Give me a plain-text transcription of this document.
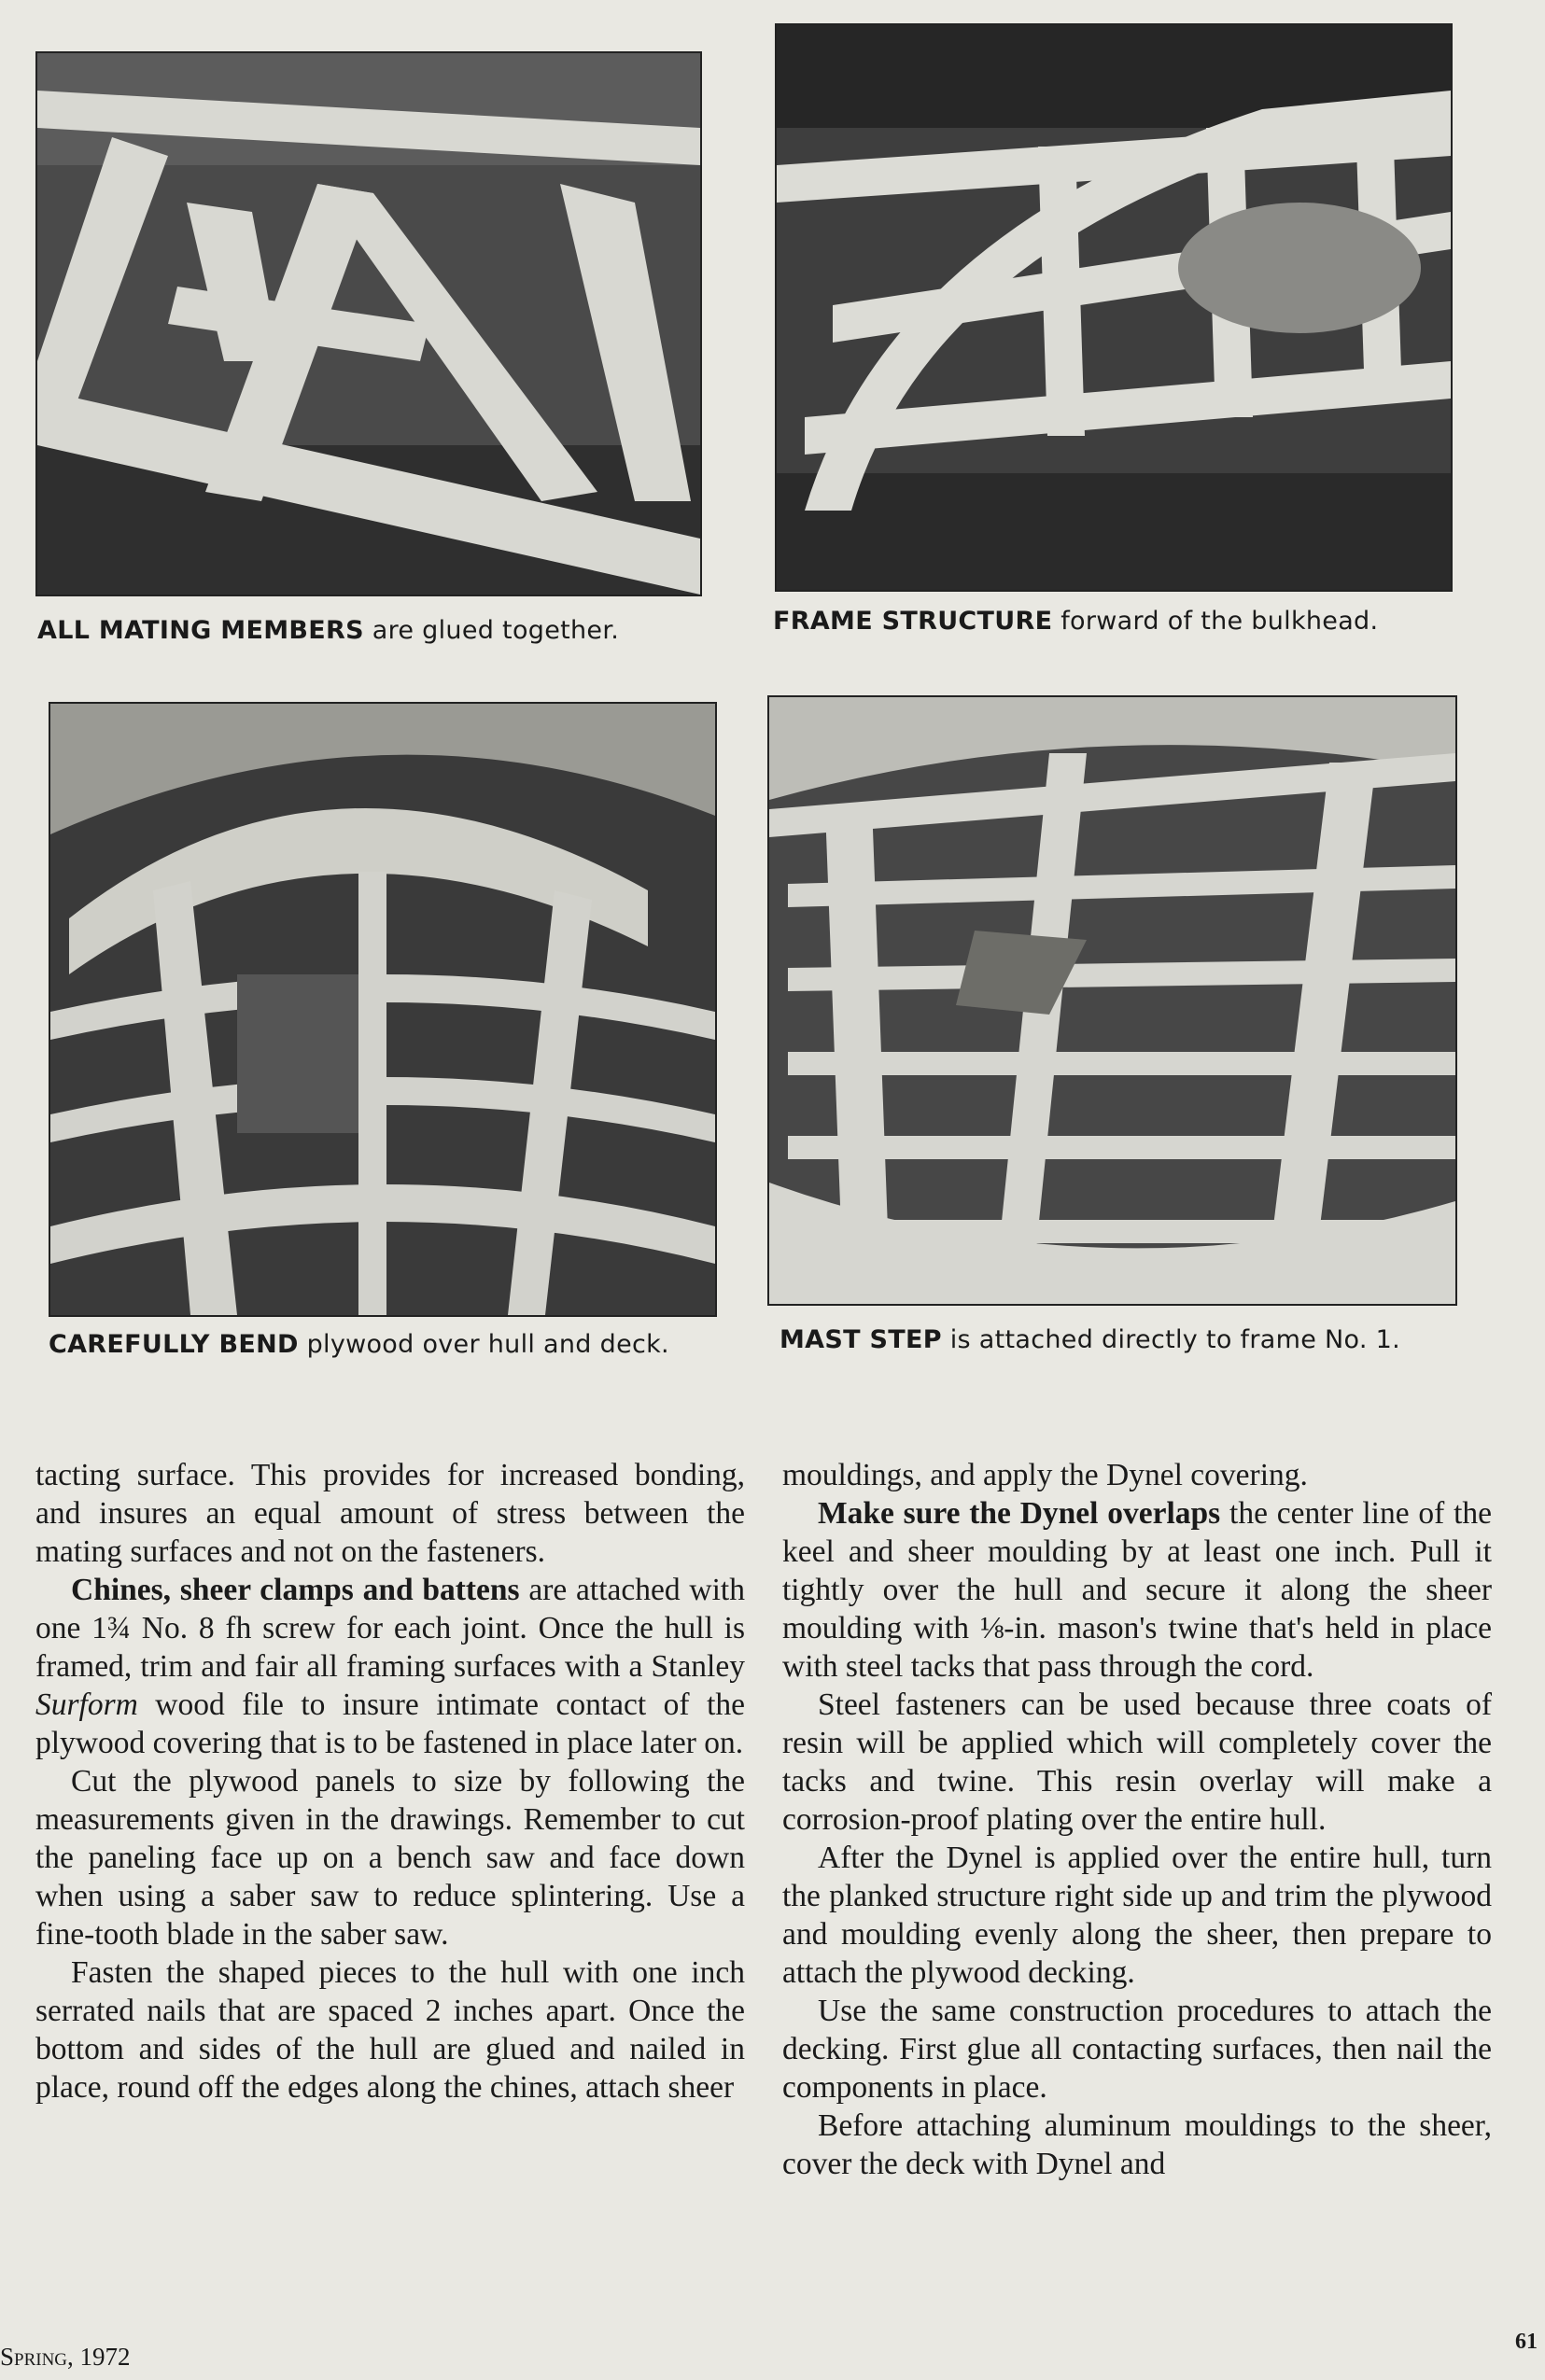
ALL MATING MEMBERS are glued together.	FRAME STRUCTURE forward of the bulkhead.
CAREFULLY BEND plywood over hull and deck.	MAST STEP is attached directly to frame No. 1.

tacting surface. This provides for increased bonding, and insures an equal amount of stress between the mating surfaces and not on the fasteners.

Chines, sheer clamps and battens are attached with one 1¾ No. 8 fh screw for each joint. Once the hull is framed, trim and fair all framing surfaces with a Stanley Surform wood file to insure intimate contact of the plywood covering that is to be fastened in place later on.

Cut the plywood panels to size by following the measurements given in the drawings. Remember to cut the paneling face up on a bench saw and face down when using a saber saw to reduce splintering. Use a fine-tooth blade in the saber saw.

Fasten the shaped pieces to the hull with one inch serrated nails that are spaced 2 inches apart. Once the bottom and sides of the hull are glued and nailed in place, round off the edges along the chines, attach sheer

mouldings, and apply the Dynel covering.

Make sure the Dynel overlaps the center line of the keel and sheer moulding by at least one inch. Pull it tightly over the hull and secure it along the sheer moulding with ⅛-in. mason's twine that's held in place with steel tacks that pass through the cord.

Steel fasteners can be used because three coats of resin will be applied which will completely cover the tacks and twine. This resin overlay will make a corrosion-proof plating over the entire hull.

After the Dynel is applied over the entire hull, turn the planked structure right side up and trim the plywood and moulding evenly along the sheer, then prepare to attach the plywood decking.

Use the same construction procedures to attach the decking. First glue all contacting surfaces, then nail the components in place.

Before attaching aluminum mouldings to the sheer, cover the deck with Dynel and

Spring, 1972
61
